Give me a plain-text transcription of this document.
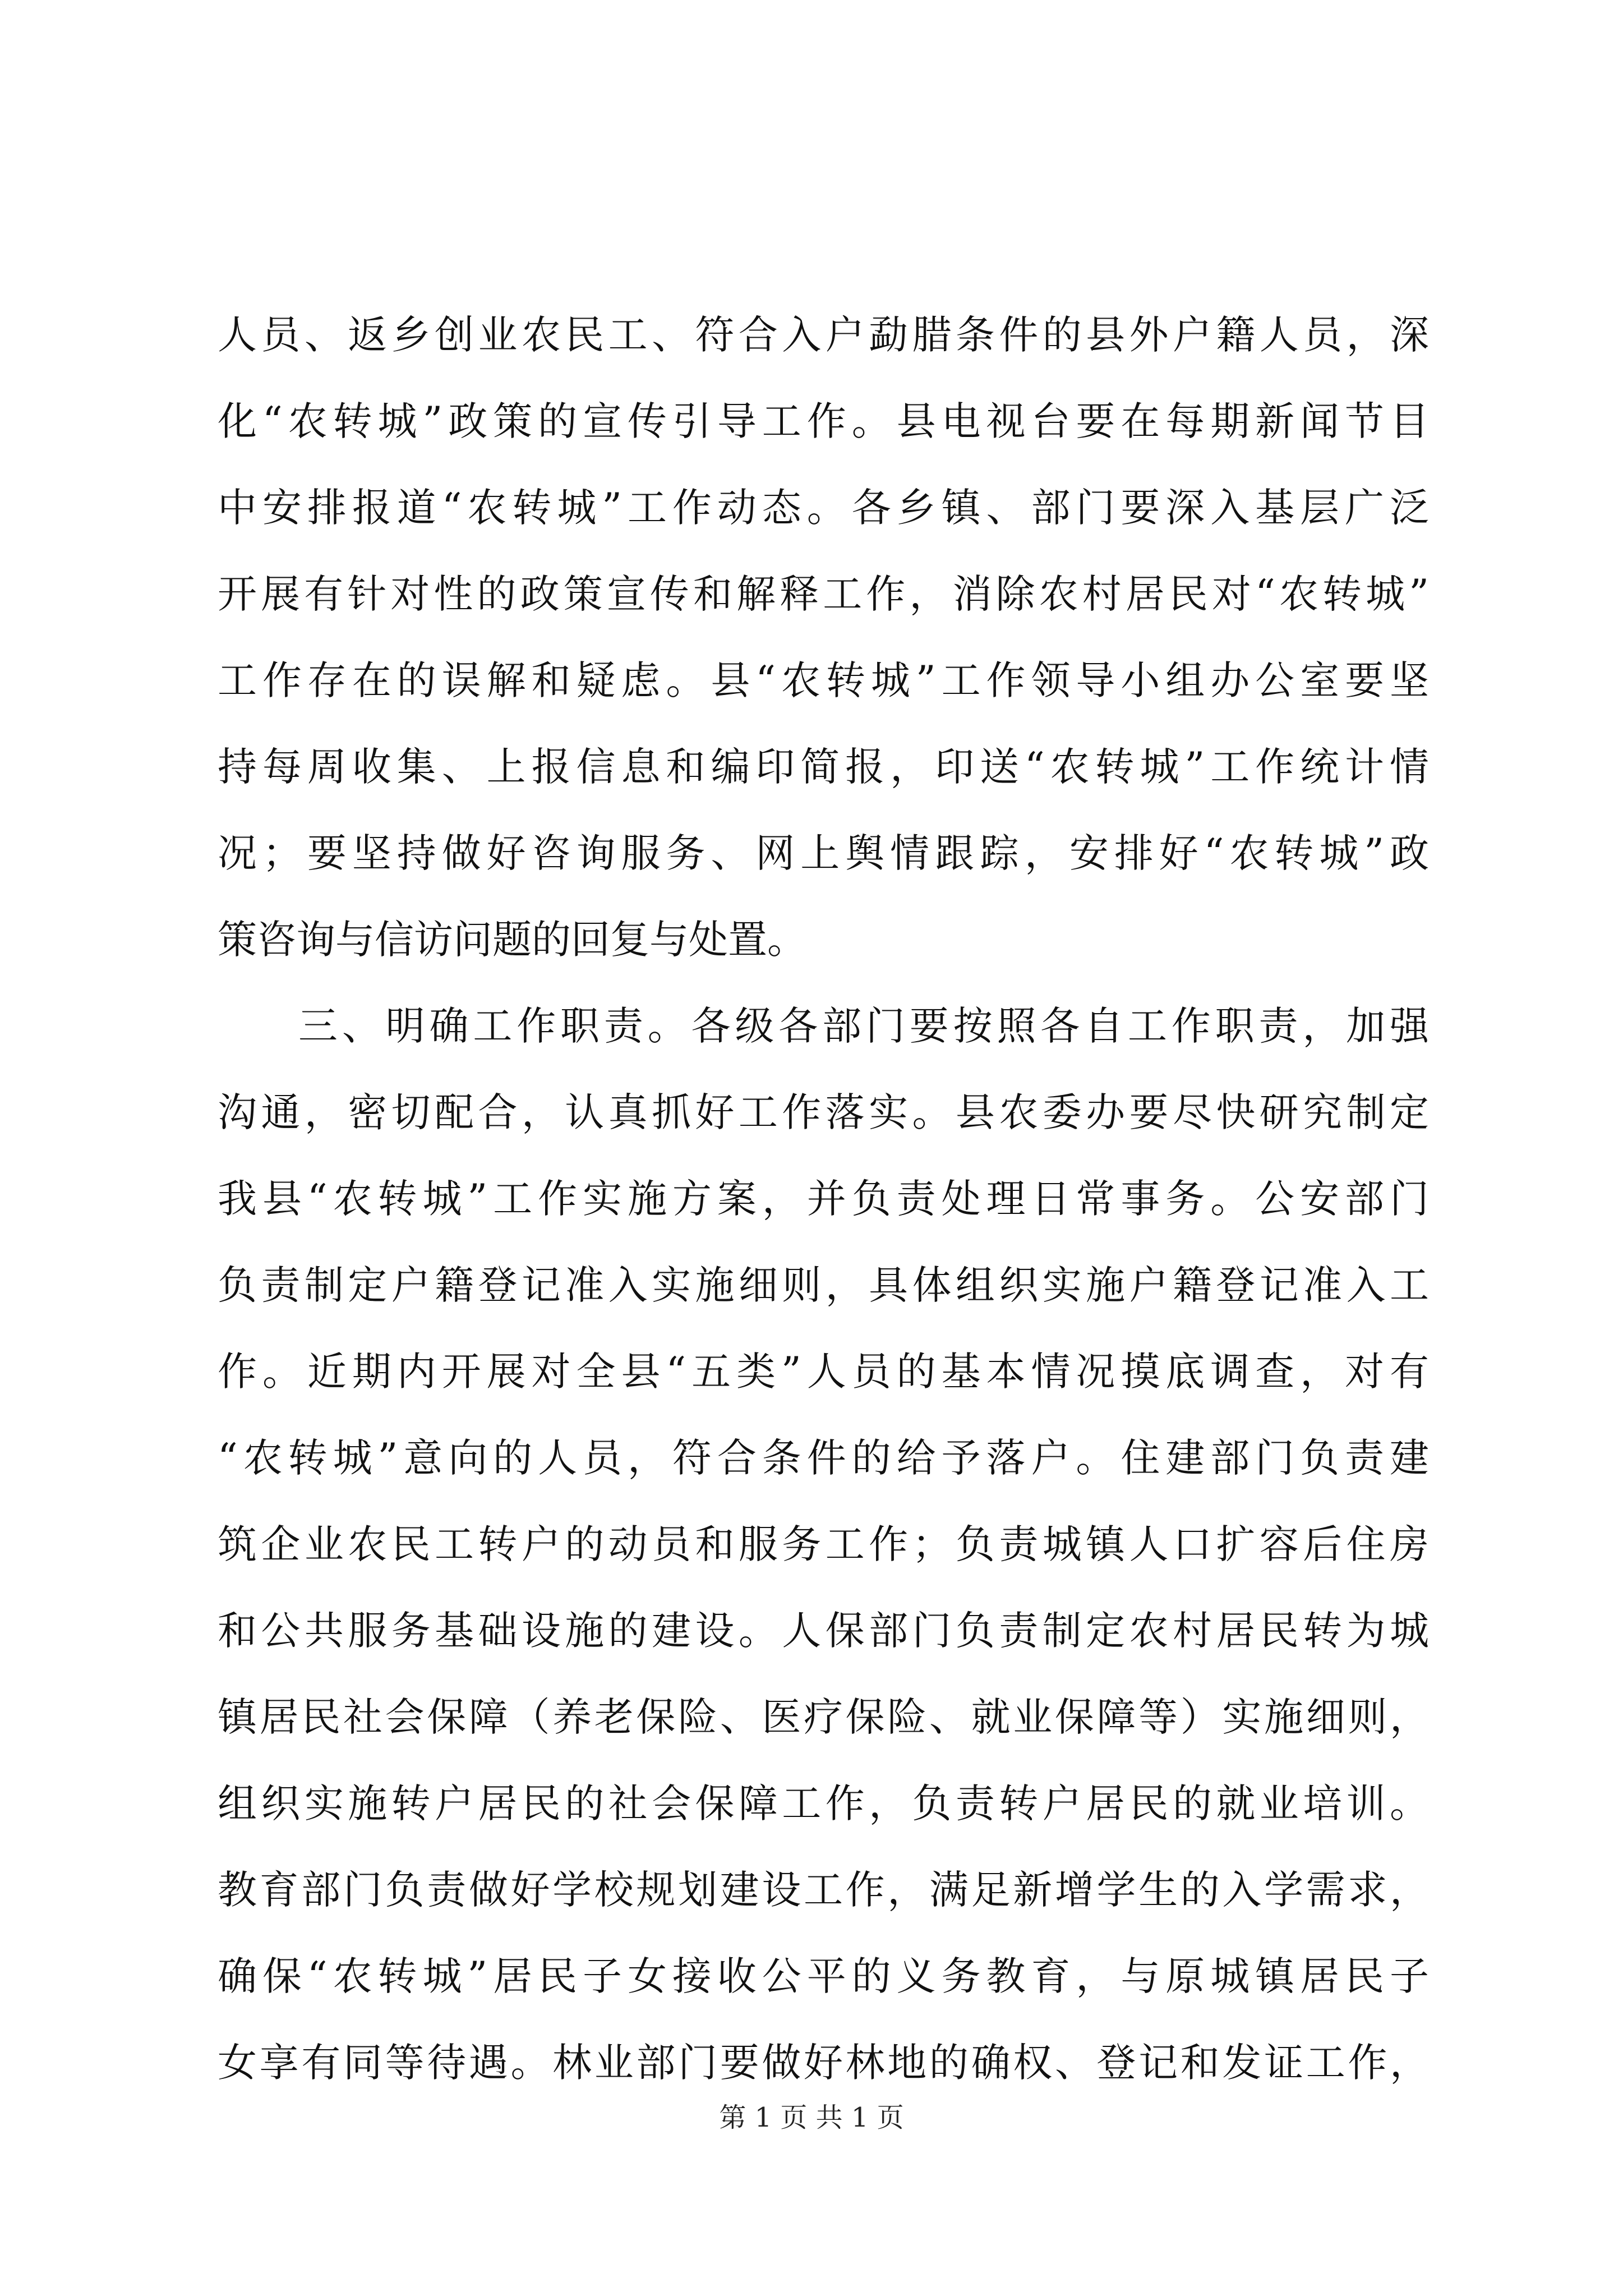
人员、返乡创业农民工、符合入户勐腊条件的县外户籍人员，深
化“农转城”政策的宣传引导工作。县电视台要在每期新闻节目
中安排报道“农转城”工作动态。各乡镇、部门要深入基层广泛
开展有针对性的政策宣传和解释工作，消除农村居民对“农转城”
工作存在的误解和疑虑。县“农转城”工作领导小组办公室要坚
持每周收集、上报信息和编印简报，印送“农转城”工作统计情
况；要坚持做好咨询服务、网上舆情跟踪，安排好“农转城”政
策咨询与信访问题的回复与处置。
三、明确工作职责。各级各部门要按照各自工作职责，加强
沟通，密切配合，认真抓好工作落实。县农委办要尽快研究制定
我县“农转城”工作实施方案，并负责处理日常事务。公安部门
负责制定户籍登记准入实施细则，具体组织实施户籍登记准入工
作。近期内开展对全县“五类”人员的基本情况摸底调查，对有
“农转城”意向的人员，符合条件的给予落户。住建部门负责建
筑企业农民工转户的动员和服务工作；负责城镇人口扩容后住房
和公共服务基础设施的建设。人保部门负责制定农村居民转为城
镇居民社会保障（养老保险、医疗保险、就业保障等）实施细则，
组织实施转户居民的社会保障工作，负责转户居民的就业培训。
教育部门负责做好学校规划建设工作，满足新增学生的入学需求，
确保“农转城”居民子女接收公平的义务教育，与原城镇居民子
女享有同等待遇。林业部门要做好林地的确权、登记和发证工作，
第 1 页 共 1 页
